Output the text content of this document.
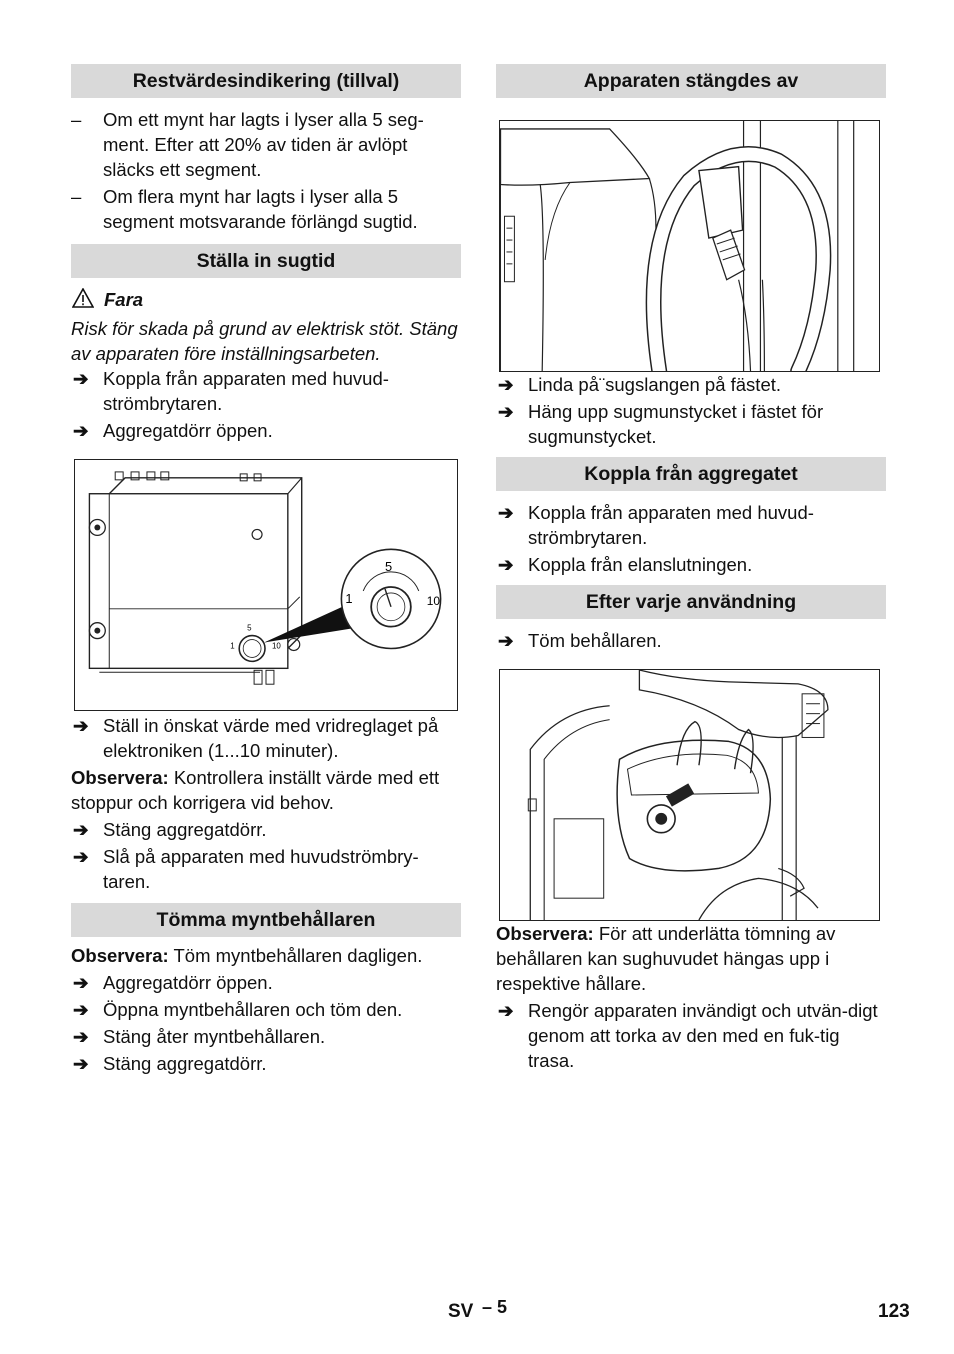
Restvärdesindikering (tillval)

– Om ett mynt har lagts i lyser alla 5 seg-ment. Efter att 20% av tiden är avlöpt släcks ett segment.

– Om flera mynt har lagts i lyser alla 5 segment motsvarande förlängd sugtid.

Ställa in sugtid

Fara

Risk för skada på grund av elektrisk stöt. Stäng av apparaten före inställningsarbeten.

➔ Koppla från apparaten med huvud-strömbrytaren.

➔ Aggregatdörr öppen.

1
5
10
5
1	10

➔ Ställ in önskat värde med vridreglaget på elektroniken (1...10 minuter).

Observera: Kontrollera inställt värde med ett stoppur och korrigera vid behov.

➔ Stäng aggregatdörr.

➔ Slå på apparaten med huvudströmbry-taren.

Tömma myntbehållaren

Observera: Töm myntbehållaren dagligen.

➔ Aggregatdörr öppen.

➔ Öppna myntbehållaren och töm den.

➔ Stäng åter myntbehållaren.

➔ Stäng aggregatdörr.

Apparaten stängdes av

➔ Linda på¨sugslangen på fästet.

➔ Häng upp sugmunstycket i fästet för sugmunstycket.

Koppla från aggregatet

➔ Koppla från apparaten med huvud-strömbrytaren.

➔ Koppla från elanslutningen.

Efter varje användning

➔ Töm behållaren.

Observera: För att underlätta tömning av behållaren kan sughuvudet hängas upp i respektive hållare.

➔ Rengör apparaten invändigt och utvän-digt genom att torka av den med en fuk-tig trasa.

SV – 5	123
